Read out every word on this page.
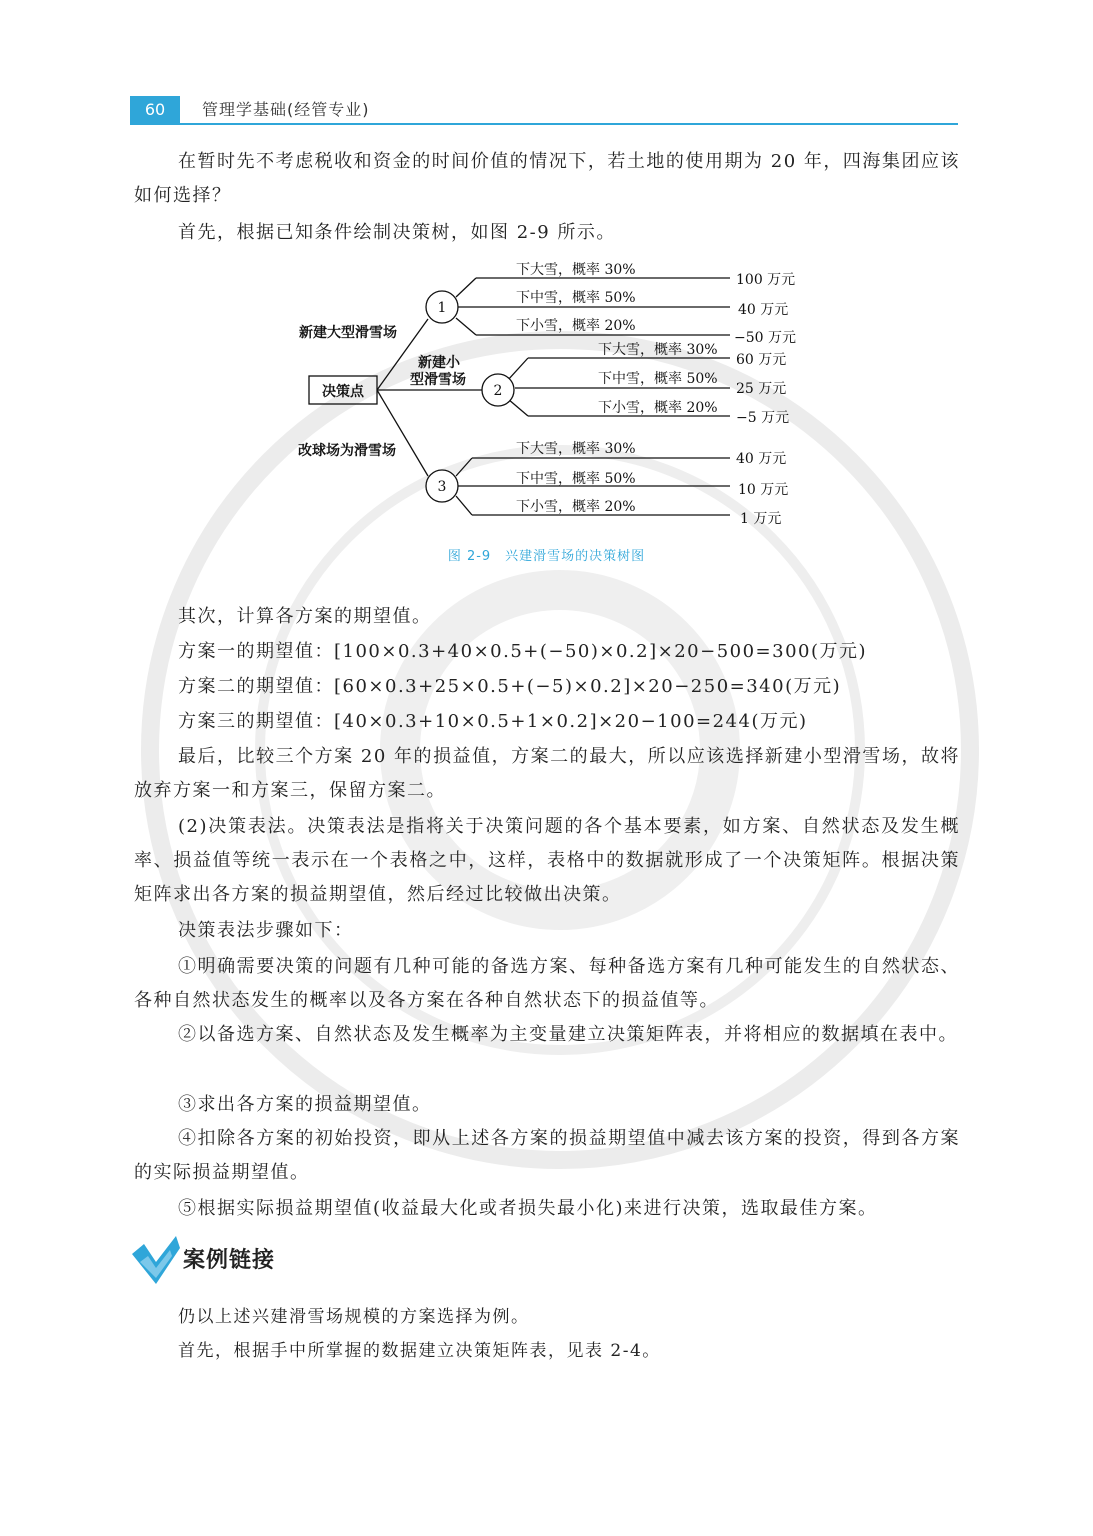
60	管理学基础(经管专业)

在暂时先不考虑税收和资金的时间价值的情况下，若土地的使用期为 20 年，四海集团应该如何选择？

首先，根据已知条件绘制决策树，如图 2-9 所示。

决策点
1
2
3
新建大型滑雪场
新建小
型滑雪场
改球场为滑雪场
下大雪，概率 30%
下中雪，概率 50%
下小雪，概率 20%
下大雪，概率 30%
下中雪，概率 50%
下小雪，概率 20%
下大雪，概率 30%
下中雪，概率 50%
下小雪，概率 20%
100 万元
40 万元
−50 万元
60 万元
25 万元
−5 万元
40 万元
10 万元
1 万元
图 2-9　兴建滑雪场的决策树图

其次，计算各方案的期望值。

方案一的期望值：[100×0.3+40×0.5+(−50)×0.2]×20−500=300(万元)

方案二的期望值：[60×0.3+25×0.5+(−5)×0.2]×20−250=340(万元)

方案三的期望值：[40×0.3+10×0.5+1×0.2]×20−100=244(万元)

最后，比较三个方案 20 年的损益值，方案二的最大，所以应该选择新建小型滑雪场，故将放弃方案一和方案三，保留方案二。

(2)决策表法。决策表法是指将关于决策问题的各个基本要素，如方案、自然状态及发生概率、损益值等统一表示在一个表格之中，这样，表格中的数据就形成了一个决策矩阵。根据决策矩阵求出各方案的损益期望值，然后经过比较做出决策。

决策表法步骤如下：

①明确需要决策的问题有几种可能的备选方案、每种备选方案有几种可能发生的自然状态、各种自然状态发生的概率以及各方案在各种自然状态下的损益值等。

②以备选方案、自然状态及发生概率为主变量建立决策矩阵表，并将相应的数据填在表中。

③求出各方案的损益期望值。

④扣除各方案的初始投资，即从上述各方案的损益期望值中减去该方案的投资，得到各方案的实际损益期望值。

⑤根据实际损益期望值(收益最大化或者损失最小化)来进行决策，选取最佳方案。

案例链接

仍以上述兴建滑雪场规模的方案选择为例。

首先，根据手中所掌握的数据建立决策矩阵表，见表 2-4。
